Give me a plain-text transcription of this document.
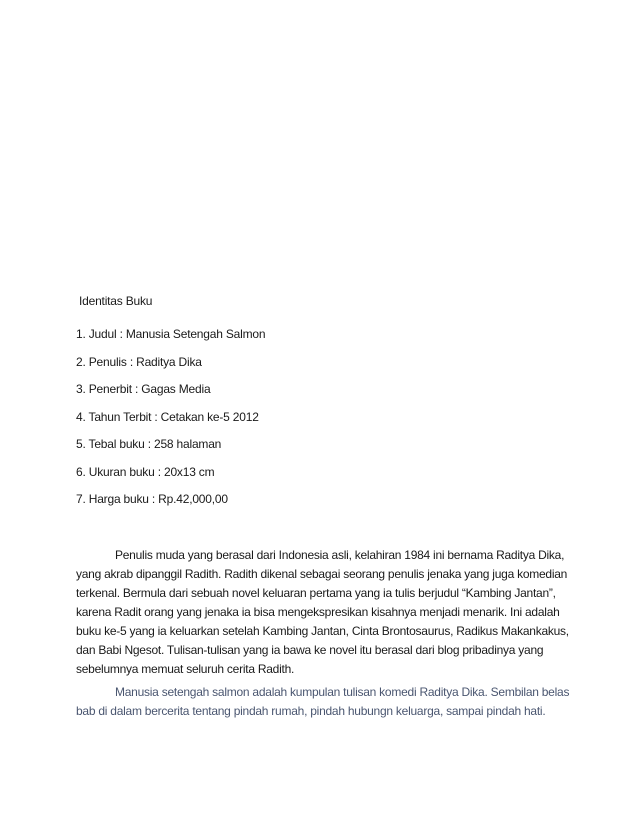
Identitas Buku
1. Judul : Manusia Setengah Salmon
2. Penulis : Raditya Dika
3. Penerbit : Gagas Media
4. Tahun Terbit : Cetakan ke-5 2012
5. Tebal buku : 258 halaman
6. Ukuran buku : 20x13 cm
7. Harga buku : Rp.42,000,00

Penulis muda yang berasal dari Indonesia asli, kelahiran 1984 ini bernama Raditya Dika,
yang akrab dipanggil Radith. Radith dikenal sebagai seorang penulis jenaka yang juga komedian
terkenal. Bermula dari sebuah novel keluaran pertama yang ia tulis berjudul “Kambing Jantan”,
karena Radit orang yang jenaka ia bisa mengekspresikan kisahnya menjadi menarik. Ini adalah
buku ke-5 yang ia keluarkan setelah Kambing Jantan, Cinta Brontosaurus, Radikus Makankakus,
dan Babi Ngesot. Tulisan-tulisan yang ia bawa ke novel itu berasal dari blog pribadinya yang
sebelumnya memuat seluruh cerita Radith.

Manusia setengah salmon adalah kumpulan tulisan komedi Raditya Dika. Sembilan belas
bab di dalam bercerita tentang pindah rumah, pindah hubungn keluarga, sampai pindah hati.
